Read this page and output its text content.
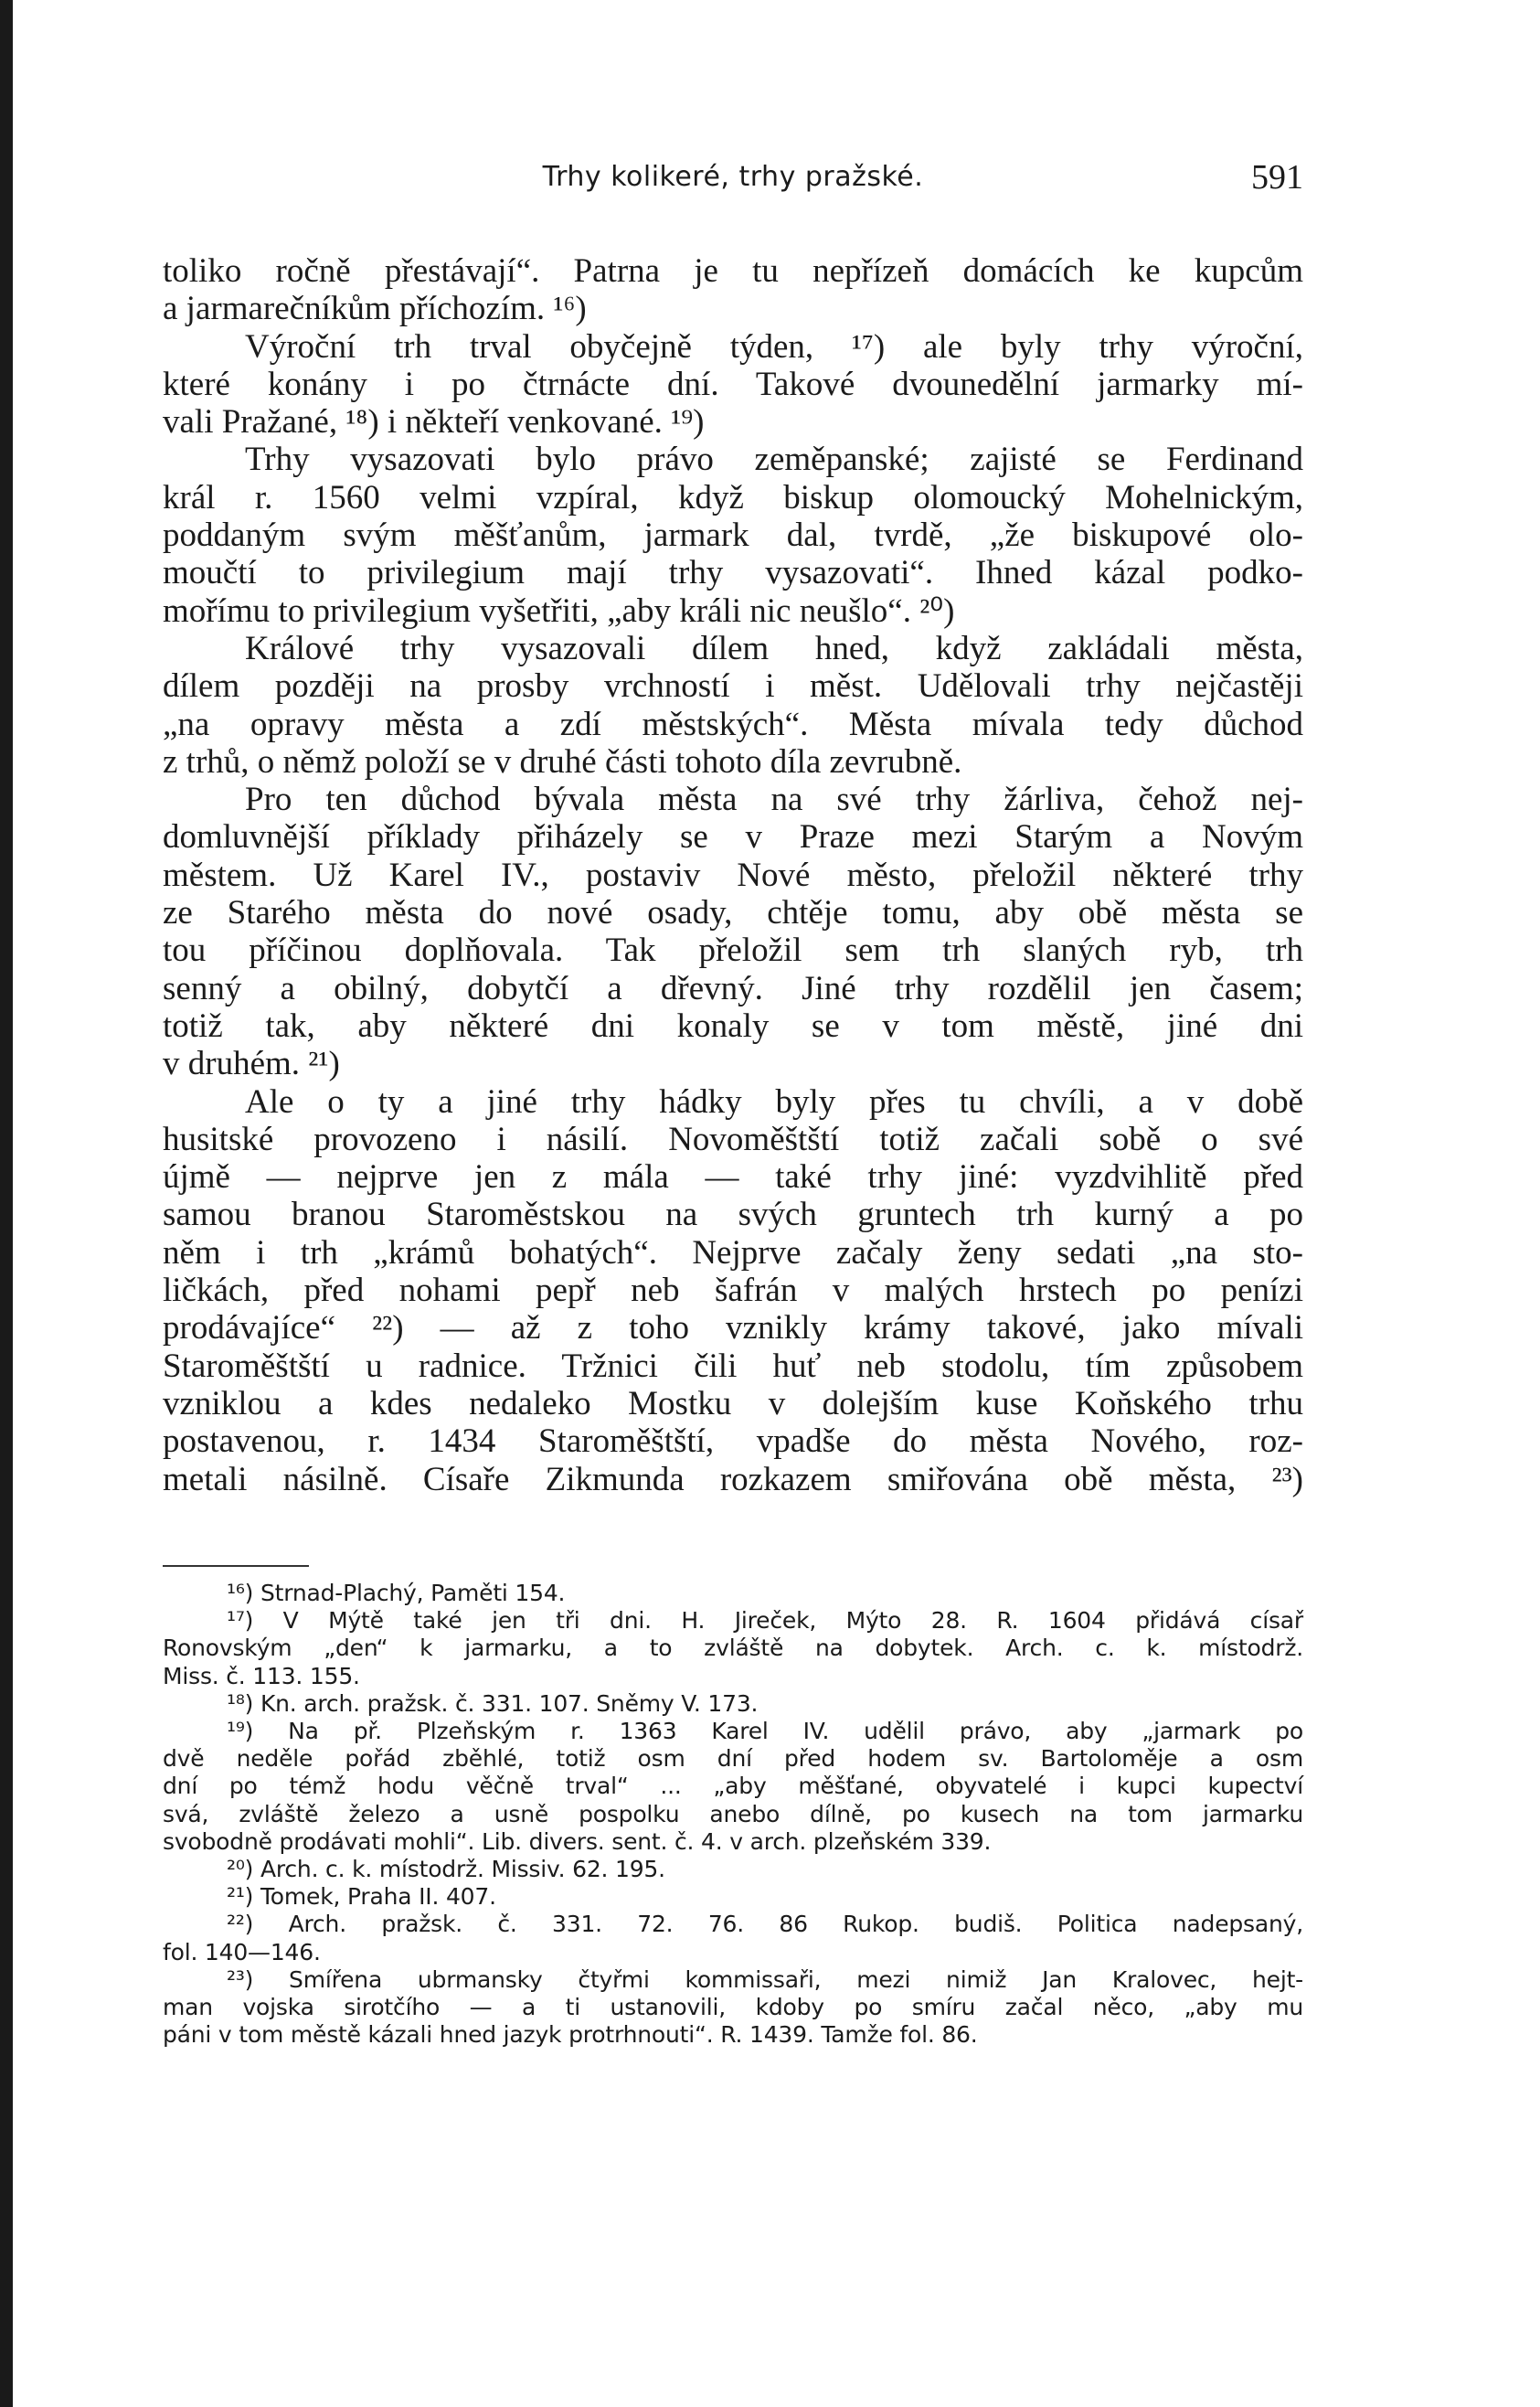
Trhy kolikeré, trhy pražské.	591
toliko ročně přestávají“. Patrna je tu nepřízeň domácích ke kupcům
a jarmarečníkům příchozím. ¹⁶)
Výroční trh trval obyčejně týden, ¹⁷) ale byly trhy výroční,
které konány i po čtrnácte dní. Takové dvounedělní jarmarky mí-
vali Pražané, ¹⁸) i někteří venkované. ¹⁹)
Trhy vysazovati bylo právo zeměpanské; zajisté se Ferdinand
král r. 1560 velmi vzpíral, když biskup olomoucký Mohelnickým,
poddaným svým měšťanům, jarmark dal, tvrdě, „že biskupové olo-
moučtí to privilegium mají trhy vysazovati“. Ihned kázal podko-
mořímu to privilegium vyšetřiti, „aby králi nic neušlo“. ²⁰)
Králové trhy vysazovali dílem hned, když zakládali města,
dílem později na prosby vrchností i měst. Udělovali trhy nejčastěji
„na opravy města a zdí městských“. Města mívala tedy důchod
z trhů, o němž položí se v druhé části tohoto díla zevrubně.
Pro ten důchod bývala města na své trhy žárliva, čehož nej-
domluvnější příklady přiházely se v Praze mezi Starým a Novým
městem. Už Karel IV., postaviv Nové město, přeložil některé trhy
ze Starého města do nové osady, chtěje tomu, aby obě města se
tou příčinou doplňovala. Tak přeložil sem trh slaných ryb, trh
senný a obilný, dobytčí a dřevný. Jiné trhy rozdělil jen časem;
totiž tak, aby některé dni konaly se v tom městě, jiné dni
v druhém. ²¹)
Ale o ty a jiné trhy hádky byly přes tu chvíli, a v době
husitské provozeno i násilí. Novoměštští totiž začali sobě o své
újmě — nejprve jen z mála — také trhy jiné: vyzdvihlitě před
samou branou Staroměstskou na svých gruntech trh kurný a po
něm i trh „krámů bohatých“. Nejprve začaly ženy sedati „na sto-
ličkách, před nohami pepř neb šafrán v malých hrstech po penízi
prodávajíce“ ²²) — až z toho vznikly krámy takové, jako mívali
Staroměštští u radnice. Tržnici čili huť neb stodolu, tím způsobem
vzniklou a kdes nedaleko Mostku v dolejším kuse Koňského trhu
postavenou, r. 1434 Staroměštští, vpadše do města Nového, roz-
metali násilně. Císaře Zikmunda rozkazem smiřována obě města, ²³)
¹⁶) Strnad-Plachý, Paměti 154.
¹⁷) V Mýtě také jen tři dni. H. Jireček, Mýto 28. R. 1604 přidává císař
Ronovským „den“ k jarmarku, a to zvláště na dobytek. Arch. c. k. místodrž.
Miss. č. 113. 155.
¹⁸) Kn. arch. pražsk. č. 331. 107. Sněmy V. 173.
¹⁹) Na př. Plzeňským r. 1363 Karel IV. udělil právo, aby „jarmark po
dvě neděle pořád zběhlé, totiž osm dní před hodem sv. Bartoloměje a osm
dní po témž hodu věčně trval“ ... „aby měšťané, obyvatelé i kupci kupectví
svá, zvláště železo a usně pospolku anebo dílně, po kusech na tom jarmarku
svobodně prodávati mohli“. Lib. divers. sent. č. 4. v arch. plzeňském 339.
²⁰) Arch. c. k. místodrž. Missiv. 62. 195.
²¹) Tomek, Praha II. 407.
²²) Arch. pražsk. č. 331. 72. 76. 86 Rukop. budiš. Politica nadepsaný,
fol. 140—146.
²³) Smířena ubrmansky čtyřmi kommissaři, mezi nimiž Jan Kralovec, hejt-
man vojska sirotčího — a ti ustanovili, kdoby po smíru začal něco, „aby mu
páni v tom městě kázali hned jazyk protrhnouti“. R. 1439. Tamže fol. 86.
